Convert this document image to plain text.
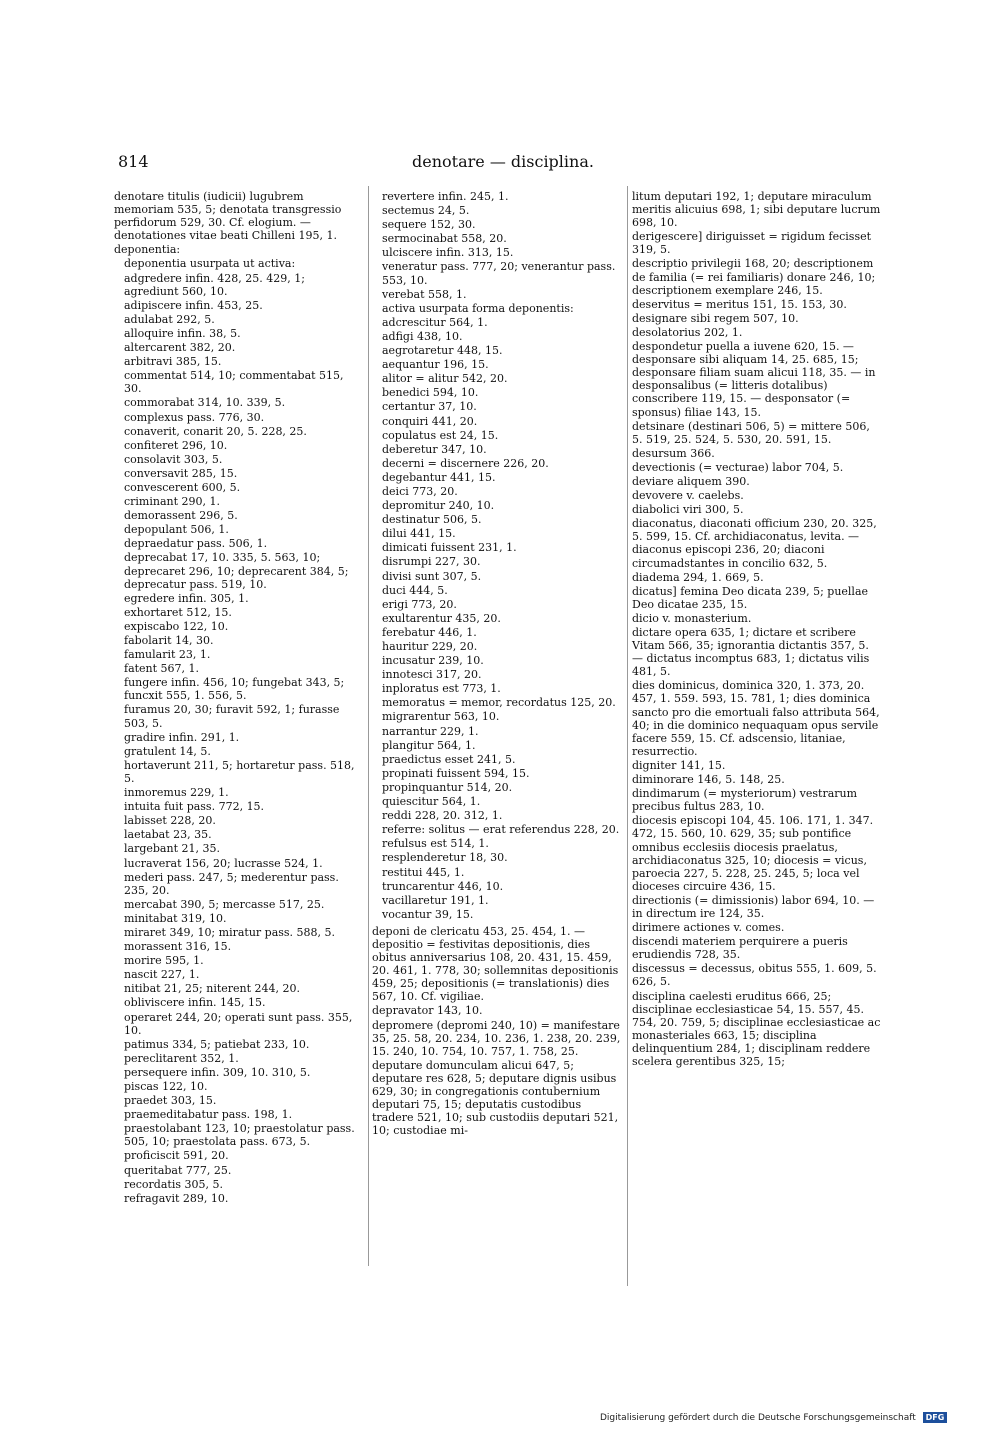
814	denotare — disciplina.
denotare titulis (iudicii) lugubrem memoriam 535, 5; denotata transgressio perfidorum 529, 30. Cf. elogium. — denotationes vitae beati Chilleni 195, 1.
deponentia:
deponentia usurpata ut activa:
adgredere infin. 428, 25. 429, 1; agrediunt 560, 10.
adipiscere infin. 453, 25.
adulabat 292, 5.
alloquire infin. 38, 5.
altercarent 382, 20.
arbitravi 385, 15.
commentat 514, 10; commentabat 515, 30.
commorabat 314, 10. 339, 5.
complexus pass. 776, 30.
conaverit, conarit 20, 5. 228, 25.
confiteret 296, 10.
consolavit 303, 5.
conversavit 285, 15.
convescerent 600, 5.
criminant 290, 1.
demorassent 296, 5.
depopulant 506, 1.
depraedatur pass. 506, 1.
deprecabat 17, 10. 335, 5. 563, 10; deprecaret 296, 10; deprecarent 384, 5; deprecatur pass. 519, 10.
egredere infin. 305, 1.
exhortaret 512, 15.
expiscabo 122, 10.
fabolarit 14, 30.
famularit 23, 1.
fatent 567, 1.
fungere infin. 456, 10; fungebat 343, 5; funcxit 555, 1. 556, 5.
furamus 20, 30; furavit 592, 1; furasse 503, 5.
gradire infin. 291, 1.
gratulent 14, 5.
hortaverunt 211, 5; hortaretur pass. 518, 5.
inmoremus 229, 1.
intuita fuit pass. 772, 15.
labisset 228, 20.
laetabat 23, 35.
largebant 21, 35.
lucraverat 156, 20; lucrasse 524, 1.
mederi pass. 247, 5; mederentur pass. 235, 20.
mercabat 390, 5; mercasse 517, 25.
minitabat 319, 10.
miraret 349, 10; miratur pass. 588, 5.
morassent 316, 15.
morire 595, 1.
nascit 227, 1.
nitibat 21, 25; niterent 244, 20.
obliviscere infin. 145, 15.
operaret 244, 20; operati sunt pass. 355, 10.
patimus 334, 5; patiebat 233, 10.
pereclitarent 352, 1.
persequere infin. 309, 10. 310, 5.
piscas 122, 10.
praedet 303, 15.
praemeditabatur pass. 198, 1.
praestolabant 123, 10; praestolatur pass. 505, 10; praestolata pass. 673, 5.
proficiscit 591, 20.
queritabat 777, 25.
recordatis 305, 5.
refragavit 289, 10.
revertere infin. 245, 1.
sectemus 24, 5.
sequere 152, 30.
sermocinabat 558, 20.
ulciscere infin. 313, 15.
veneratur pass. 777, 20; venerantur pass. 553, 10.
verebat 558, 1.
activa usurpata forma deponentis:
adcrescitur 564, 1.
adfigi 438, 10.
aegrotaretur 448, 15.
aequantur 196, 15.
alitor = alitur 542, 20.
benedici 594, 10.
certantur 37, 10.
conquiri 441, 20.
copulatus est 24, 15.
deberetur 347, 10.
decerni = discernere 226, 20.
degebantur 441, 15.
deici 773, 20.
depromitur 240, 10.
destinatur 506, 5.
dilui 441, 15.
dimicati fuissent 231, 1.
disrumpi 227, 30.
divisi sunt 307, 5.
duci 444, 5.
erigi 773, 20.
exultarentur 435, 20.
ferebatur 446, 1.
hauritur 229, 20.
incusatur 239, 10.
innotesci 317, 20.
inploratus est 773, 1.
memoratus = memor, recordatus 125, 20.
migrarentur 563, 10.
narrantur 229, 1.
plangitur 564, 1.
praedictus esset 241, 5.
propinati fuissent 594, 15.
propinquantur 514, 20.
quiescitur 564, 1.
reddi 228, 20. 312, 1.
referre: solitus — erat referendus 228, 20.
refulsus est 514, 1.
resplenderetur 18, 30.
restitui 445, 1.
truncarentur 446, 10.
vacillaretur 191, 1.
vocantur 39, 15.
deponi de clericatu 453, 25. 454, 1. — depositio = festivitas depositionis, dies obitus anniversarius 108, 20. 431, 15. 459, 20. 461, 1. 778, 30; sollemnitas depositionis 459, 25; depositionis (= translationis) dies 567, 10. Cf. vigiliae.
depravator 143, 10.
depromere (depromi 240, 10) = manifestare 35, 25. 58, 20. 234, 10. 236, 1. 238, 20. 239, 15. 240, 10. 754, 10. 757, 1. 758, 25.
deputare domunculam alicui 647, 5; deputare res 628, 5; deputare dignis usibus 629, 30; in congregationis contubernium deputari 75, 15; deputatis custodibus tradere 521, 10; sub custodiis deputari 521, 10; custodiae mi-
litum deputari 192, 1; deputare miraculum meritis alicuius 698, 1; sibi deputare lucrum 698, 10.
derigescere] diriguisset = rigidum fecisset 319, 5.
descriptio privilegii 168, 20; descriptionem de familia (= rei familiaris) donare 246, 10; descriptionem exemplare 246, 15.
deservitus = meritus 151, 15. 153, 30.
designare sibi regem 507, 10.
desolatorius 202, 1.
despondetur puella a iuvene 620, 15. — desponsare sibi aliquam 14, 25. 685, 15; desponsare filiam suam alicui 118, 35. — in desponsalibus (= litteris dotalibus) conscribere 119, 15. — desponsator (= sponsus) filiae 143, 15.
detsinare (destinari 506, 5) = mittere 506, 5. 519, 25. 524, 5. 530, 20. 591, 15.
desursum 366.
devectionis (= vecturae) labor 704, 5.
deviare aliquem 390.
devovere v. caelebs.
diabolici viri 300, 5.
diaconatus, diaconati officium 230, 20. 325, 5. 599, 15. Cf. archidiaconatus, levita. — diaconus episcopi 236, 20; diaconi circumadstantes in concilio 632, 5.
diadema 294, 1. 669, 5.
dicatus] femina Deo dicata 239, 5; puellae Deo dicatae 235, 15.
dicio v. monasterium.
dictare opera 635, 1; dictare et scribere Vitam 566, 35; ignorantia dictantis 357, 5. — dictatus incomptus 683, 1; dictatus vilis 481, 5.
dies dominicus, dominica 320, 1. 373, 20. 457, 1. 559. 593, 15. 781, 1; dies dominica sancto pro die emortuali falso attributa 564, 40; in die dominico nequaquam opus servile facere 559, 15. Cf. adscensio, litaniae, resurrectio.
digniter 141, 15.
diminorare 146, 5. 148, 25.
dindimarum (= mysteriorum) vestrarum precibus fultus 283, 10.
diocesis episcopi 104, 45. 106. 171, 1. 347. 472, 15. 560, 10. 629, 35; sub pontifice omnibus ecclesiis diocesis praelatus, archidiaconatus 325, 10; diocesis = vicus, paroecia 227, 5. 228, 25. 245, 5; loca vel dioceses circuire 436, 15.
directionis (= dimissionis) labor 694, 10. — in directum ire 124, 35.
dirimere actiones v. comes.
discendi materiem perquirere a pueris erudiendis 728, 35.
discessus = decessus, obitus 555, 1. 609, 5. 626, 5.
disciplina caelesti eruditus 666, 25; disciplinae ecclesiasticae 54, 15. 557, 45. 754, 20. 759, 5; disciplinae ecclesiasticae ac monasteriales 663, 15; disciplina delinquentium 284, 1; disciplinam reddere scelera gerentibus 325, 15;
Digitalisierung gefördert durch die Deutsche Forschungsgemeinschaft DFG
